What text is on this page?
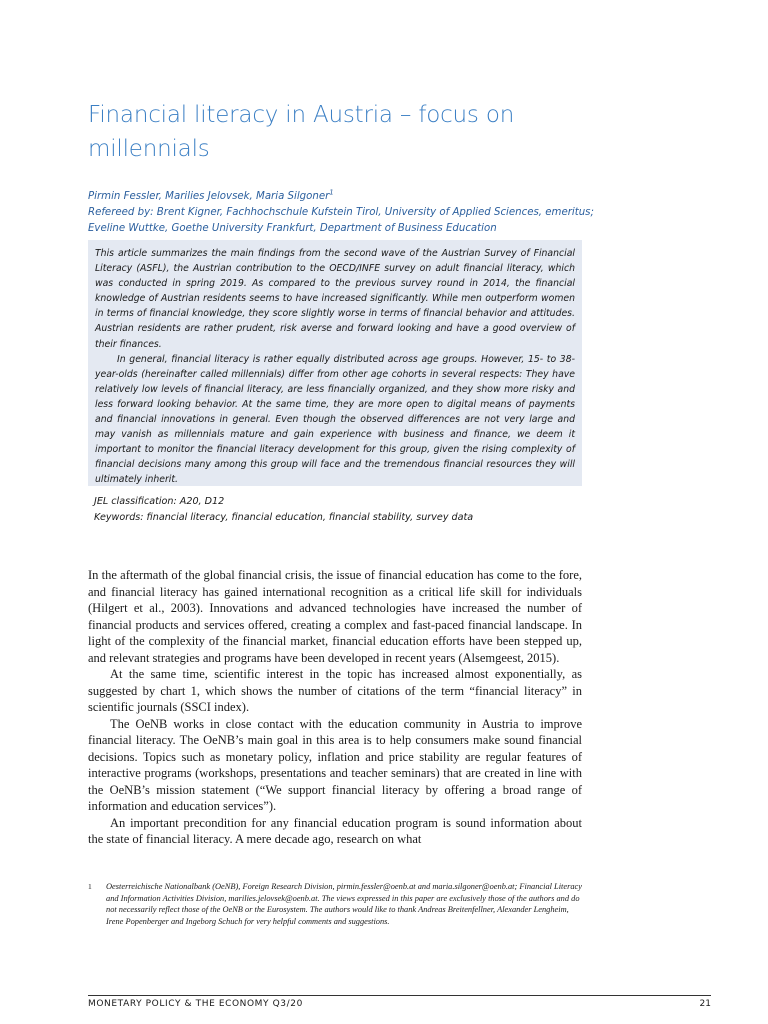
Financial literacy in Austria – focus on millennials
Pirmin Fessler, Marilies Jelovsek, Maria Silgoner$^1$
Refereed by: Brent Kigner, Fachhochschule Kufstein Tirol, University of Applied Sciences, emeritus;
Eveline Wuttke, Goethe University Frankfurt, Department of Business Education

This article summarizes the main findings from the second wave of the Austrian Survey of Financial Literacy (ASFL), the Austrian contribution to the OECD/INFE survey on adult financial literacy, which was conducted in spring 2019. As compared to the previous survey round in 2014, the financial knowledge of Austrian residents seems to have increased significantly. While men outperform women in terms of financial knowledge, they score slightly worse in terms of financial behavior and attitudes. Austrian residents are rather prudent, risk averse and forward looking and have a good overview of their finances.

In general, financial literacy is rather equally distributed across age groups. However, 15- to 38-year-olds (hereinafter called millennials) differ from other age cohorts in several respects: They have relatively low levels of financial literacy, are less financially organized, and they show more risky and less forward looking behavior. At the same time, they are more open to digital means of payments and financial innovations in general. Even though the observed differences are not very large and may vanish as millennials mature and gain experience with business and finance, we deem it important to monitor the financial literacy development for this group, given the rising complexity of financial decisions many among this group will face and the tremendous financial resources they will ultimately inherit.

JEL classification: A20, D12
Keywords: financial literacy, financial education, financial stability, survey data

In the aftermath of the global financial crisis, the issue of financial education has come to the fore, and financial literacy has gained international recognition as a critical life skill for individuals (Hilgert et al., 2003). Innovations and advanced technologies have increased the number of financial products and services offered, creating a complex and fast-paced financial landscape. In light of the complexity of the financial market, financial education efforts have been stepped up, and relevant strategies and programs have been developed in recent years (Alsemgeest, 2015).

At the same time, scientific interest in the topic has increased almost exponentially, as suggested by chart 1, which shows the number of citations of the term “financial literacy” in scientific journals (SSCI index).

The OeNB works in close contact with the education community in Austria to improve financial literacy. The OeNB’s main goal in this area is to help consumers make sound financial decisions. Topics such as monetary policy, inflation and price stability are regular features of interactive programs (workshops, presentations and teacher seminars) that are created in line with the OeNB’s mission statement (“We support financial literacy by offering a broad range of information and education services”).

An important precondition for any financial education program is sound information about the state of financial literacy. A mere decade ago, research on what

1	Oesterreichische Nationalbank (OeNB), Foreign Research Division, pirmin.fessler@oenb.at and maria.silgoner@oenb.at; Financial Literacy and Information Activities Division, marilies.jelovsek@oenb.at. The views expressed in this paper are exclusively those of the authors and do not necessarily reflect those of the OeNB or the Eurosystem. The authors would like to thank Andreas Breitenfellner, Alexander Lengheim, Irene Popenberger and Ingeborg Schuch for very helpful comments and suggestions.
MONETARY POLICY & THE ECONOMY Q3/20	21
